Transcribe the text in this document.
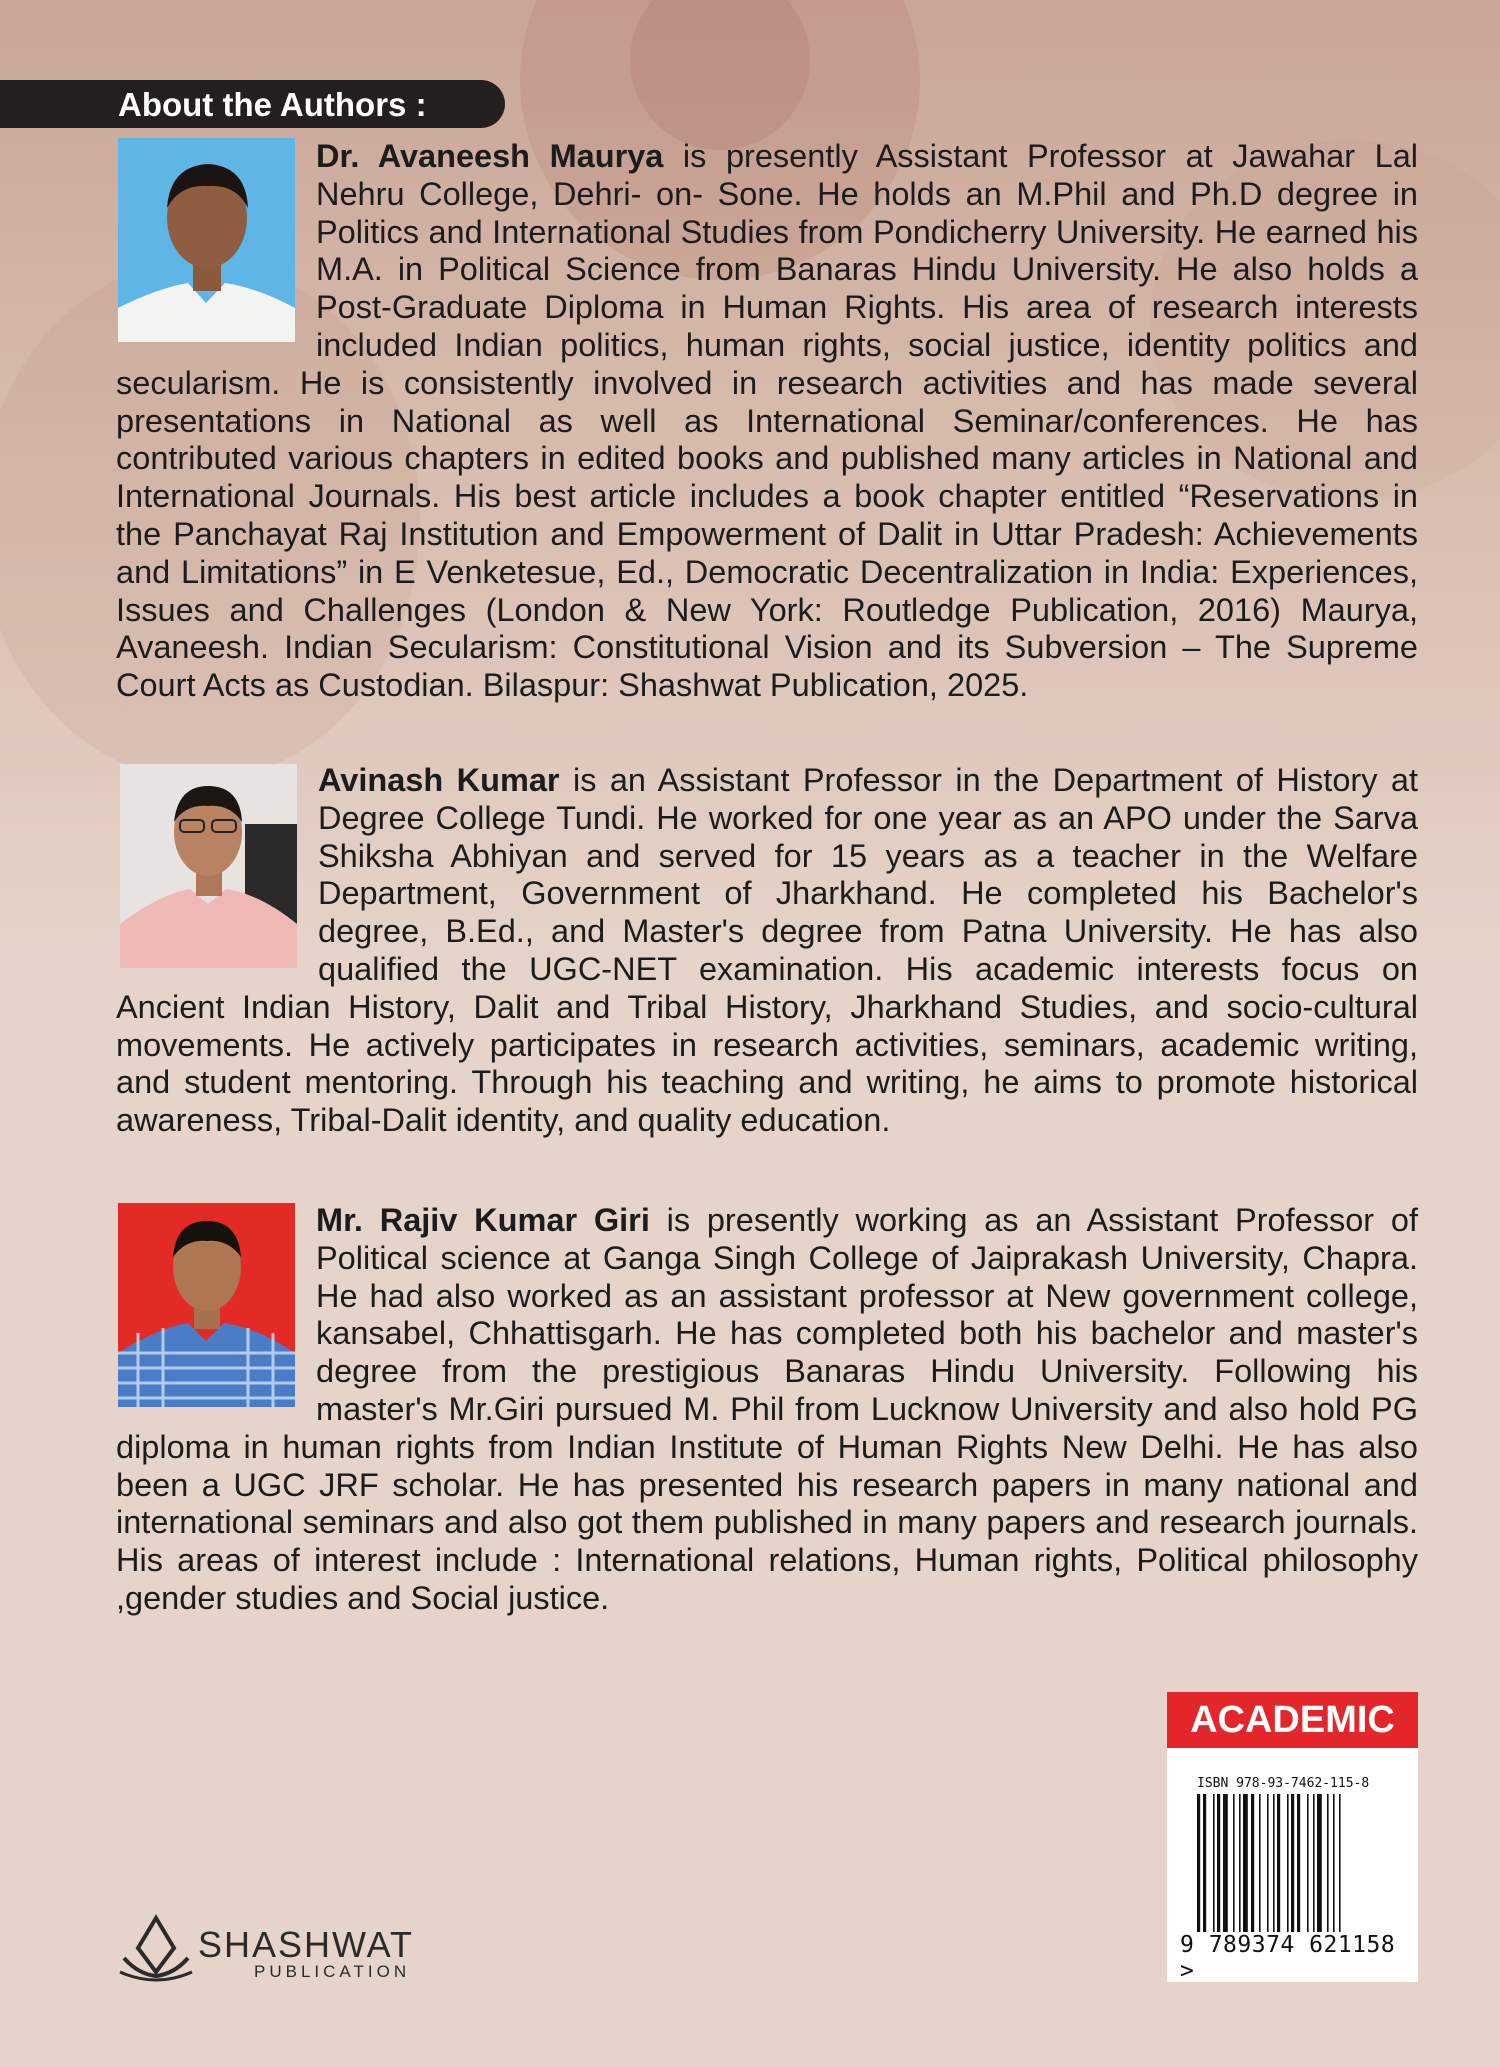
About the Authors :

Dr. Avaneesh Maurya is presently Assistant Professor at Jawahar Lal Nehru College, Dehri- on- Sone. He holds an M.Phil and Ph.D degree in Politics and International Studies from Pondicherry University. He earned his M.A. in Political Science from Banaras Hindu University. He also holds a Post-Graduate Diploma in Human Rights. His area of research interests included Indian politics, human rights, social justice, identity politics and secularism. He is consistently involved in research activities and has made several presentations in National as well as International Seminar/conferences. He has contributed various chapters in edited books and published many articles in National and International Journals. His best article includes a book chapter entitled “Reservations in the Panchayat Raj Institution and Empowerment of Dalit in Uttar Pradesh: Achievements and Limitations” in E Venketesue, Ed., Democratic Decentralization in India: Experiences, Issues and Challenges (London & New York: Routledge Publication, 2016) Maurya, Avaneesh. Indian Secularism: Constitutional Vision and its Subversion – The Supreme Court Acts as Custodian. Bilaspur: Shashwat Publication, 2025.

Avinash Kumar is an Assistant Professor in the Department of History at Degree College Tundi. He worked for one year as an APO under the Sarva Shiksha Abhiyan and served for 15 years as a teacher in the Welfare Department, Government of Jharkhand. He completed his Bachelor's degree, B.Ed., and Master's degree from Patna University. He has also qualified the UGC-NET examination. His academic interests focus on Ancient Indian History, Dalit and Tribal History, Jharkhand Studies, and socio-cultural movements. He actively participates in research activities, seminars, academic writing, and student mentoring. Through his teaching and writing, he aims to promote historical awareness, Tribal-Dalit identity, and quality education.

Mr. Rajiv Kumar Giri is presently working as an Assistant Professor of Political science at Ganga Singh College of Jaiprakash University, Chapra. He had also worked as an assistant professor at New government college, kansabel, Chhattisgarh. He has completed both his bachelor and master's degree from the prestigious Banaras Hindu University. Following his master's Mr.Giri pursued M. Phil from Lucknow University and also hold PG diploma in human rights from Indian Institute of Human Rights New Delhi. He has also been a UGC JRF scholar. He has presented his research papers in many national and international seminars and also got them published in many papers and research journals. His areas of interest include : International relations, Human rights, Political philosophy ,gender studies and Social justice.

ACADEMIC
ISBN 978-93-7462-115-8
9 789374 621158 >
SHASHWAT
PUBLICATION
